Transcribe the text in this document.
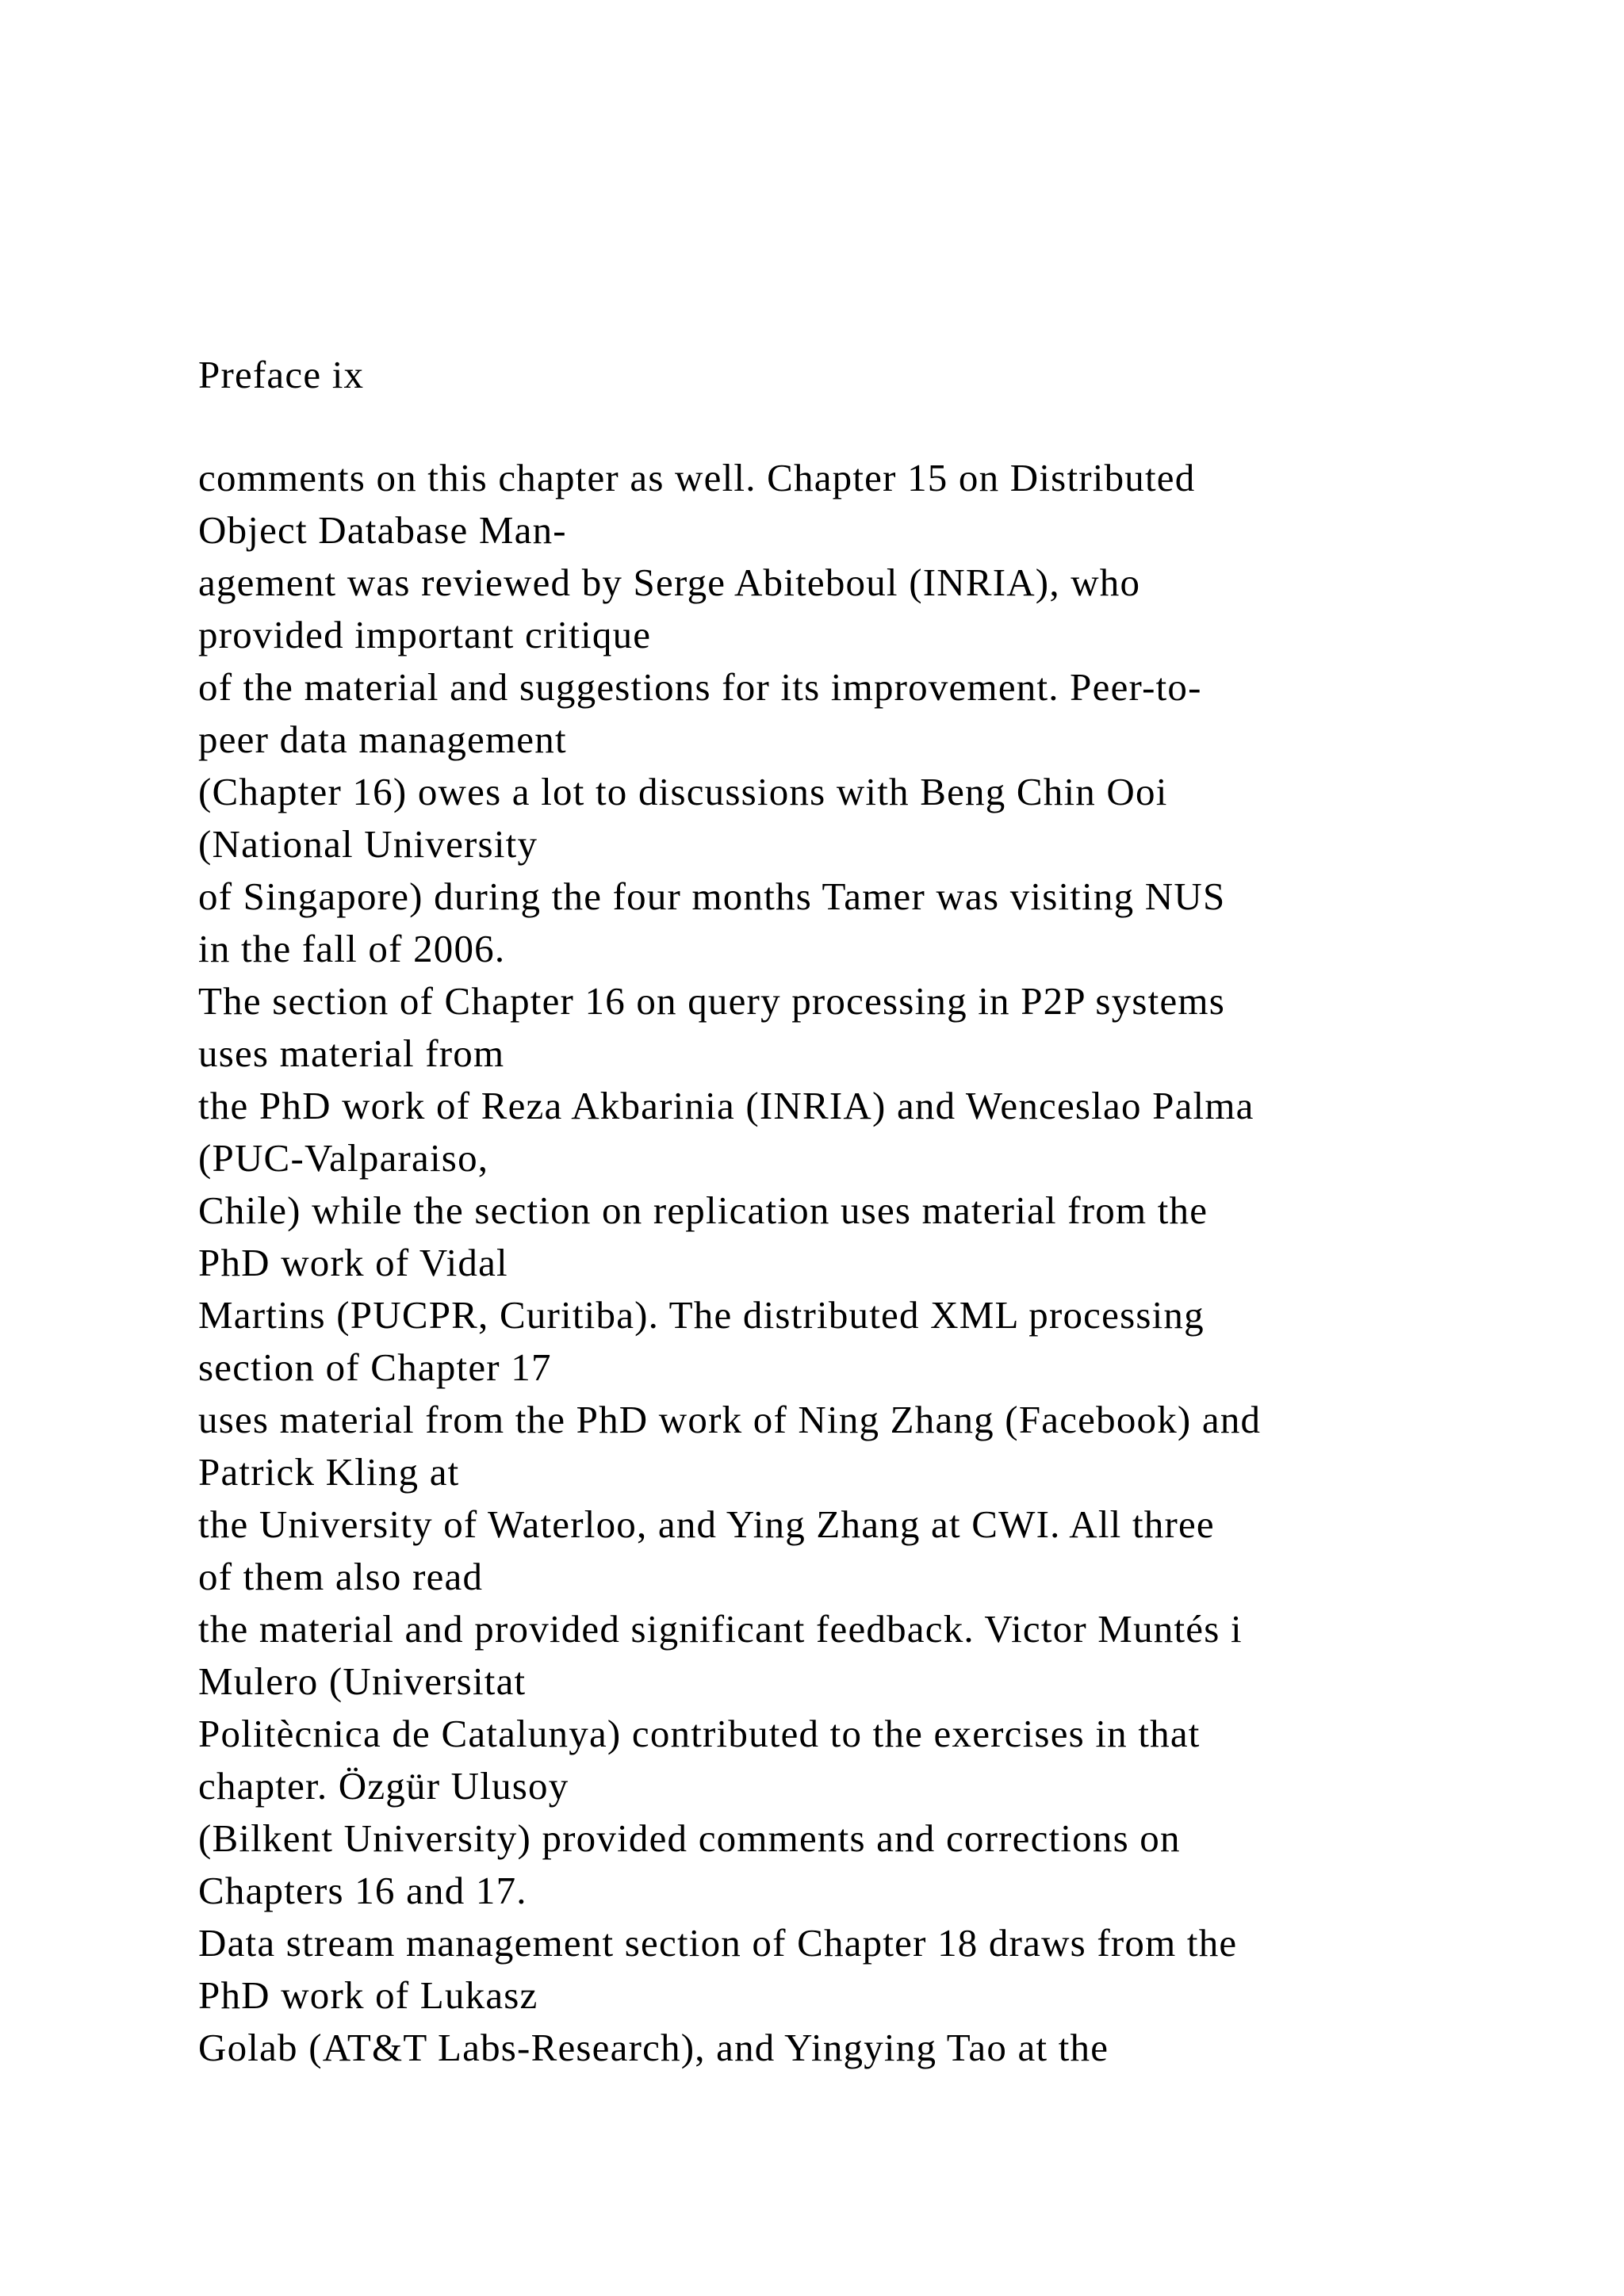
Preface ix
comments on this chapter as well. Chapter 15 on Distributed
Object Database Man-
agement was reviewed by Serge Abiteboul (INRIA), who
provided important critique
of the material and suggestions for its improvement. Peer-to-
peer data management
(Chapter 16) owes a lot to discussions with Beng Chin Ooi
(National University
of Singapore) during the four months Tamer was visiting NUS
in the fall of 2006.
The section of Chapter 16 on query processing in P2P systems
uses material from
the PhD work of Reza Akbarinia (INRIA) and Wenceslao Palma
(PUC-Valparaiso,
Chile) while the section on replication uses material from the
PhD work of Vidal
Martins (PUCPR, Curitiba). The distributed XML processing
section of Chapter 17
uses material from the PhD work of Ning Zhang (Facebook) and
Patrick Kling at
the University of Waterloo, and Ying Zhang at CWI. All three
of them also read
the material and provided significant feedback. Victor Muntés i
Mulero (Universitat
Politècnica de Catalunya) contributed to the exercises in that
chapter. Özgür Ulusoy
(Bilkent University) provided comments and corrections on
Chapters 16 and 17.
Data stream management section of Chapter 18 draws from the
PhD work of Lukasz
Golab (AT&T Labs-Research), and Yingying Tao at the
